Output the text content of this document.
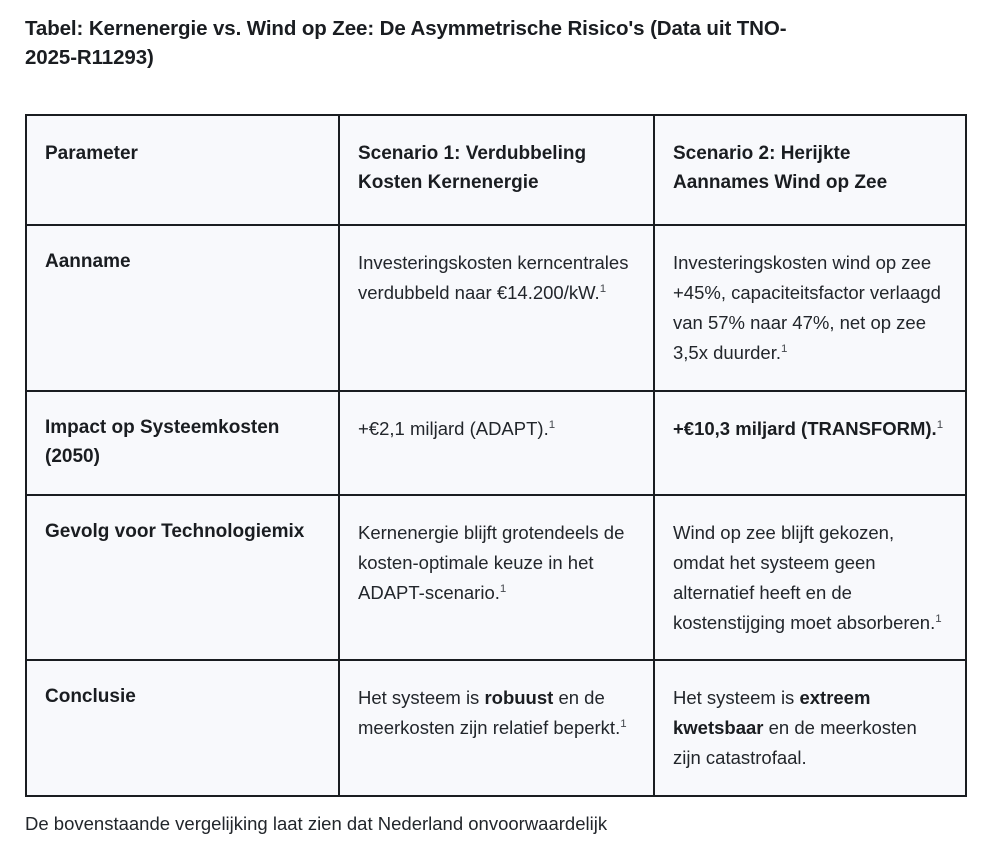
Tabel: Kernenergie vs. Wind op Zee: De Asymmetrische Risico's (Data uit TNO-2025-R11293)
Parameter	Scenario 1: Verdubbeling Kosten Kernenergie	Scenario 2: Herijkte Aannames Wind op Zee
Aanname	Investeringskosten kerncentrales verdubbeld naar €14.200/kW.$^1$	Investeringskosten wind op zee +45%, capaciteitsfactor verlaagd van 57% naar 47%, net op zee 3,5x duurder.$^1$
Impact op Systeemkosten (2050)	+€2,1 miljard (ADAPT).$^1$	+€10,3 miljard (TRANSFORM).$^1$
Gevolg voor Technologiemix	Kernenergie blijft grotendeels de kosten-optimale keuze in het ADAPT-scenario.$^1$	Wind op zee blijft gekozen, omdat het systeem geen alternatief heeft en de kostenstijging moet absorberen.$^1$
Conclusie	Het systeem is robuust en de meerkosten zijn relatief beperkt.$^1$	Het systeem is extreem kwetsbaar en de meerkosten zijn catastrofaal.
De bovenstaande vergelijking laat zien dat Nederland onvoorwaardelijk
